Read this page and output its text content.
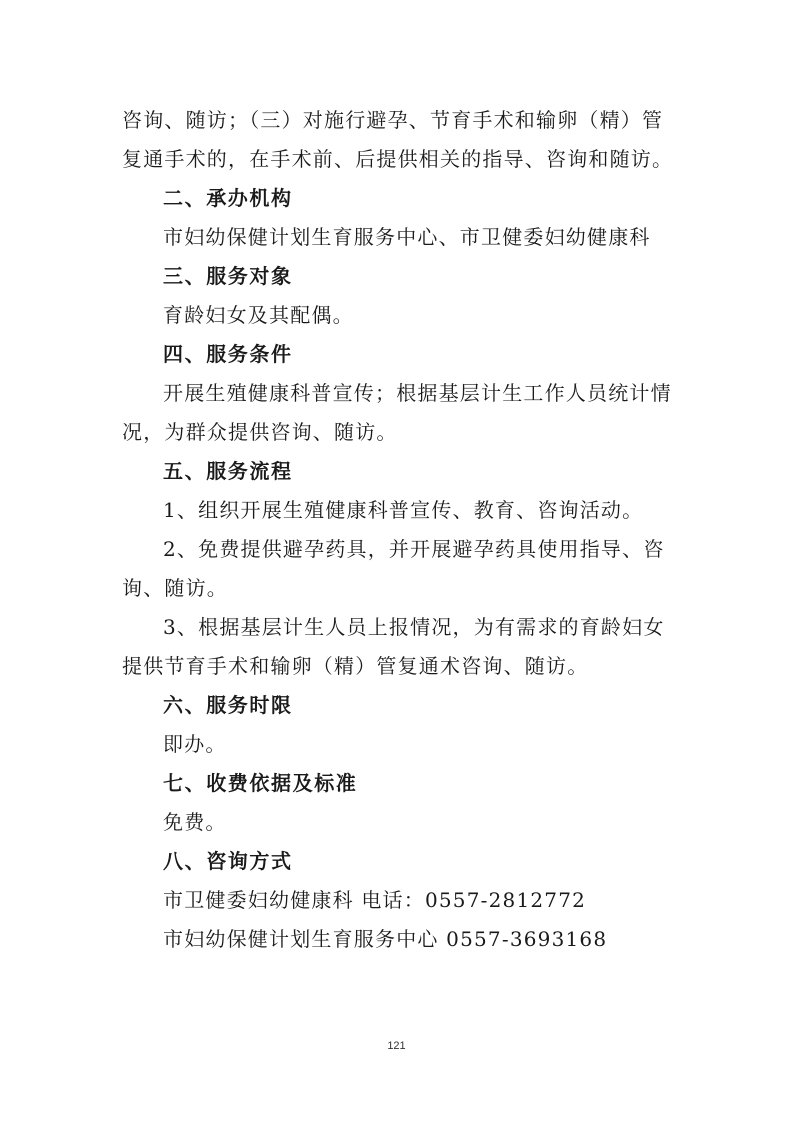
咨询、随访；（三）对施行避孕、节育手术和输卵（精）管
复通手术的，在手术前、后提供相关的指导、咨询和随访。
二、承办机构
市妇幼保健计划生育服务中心、市卫健委妇幼健康科
三、服务对象
育龄妇女及其配偶。
四、服务条件
开展生殖健康科普宣传；根据基层计生工作人员统计情
况，为群众提供咨询、随访。
五、服务流程
1、组织开展生殖健康科普宣传、教育、咨询活动。
2、免费提供避孕药具，并开展避孕药具使用指导、咨
询、随访。
3、根据基层计生人员上报情况，为有需求的育龄妇女
提供节育手术和输卵（精）管复通术咨询、随访。
六、服务时限
即办。
七、收费依据及标准
免费。
八、咨询方式
市卫健委妇幼健康科 电话：0557-2812772
市妇幼保健计划生育服务中心 0557-3693168
121
